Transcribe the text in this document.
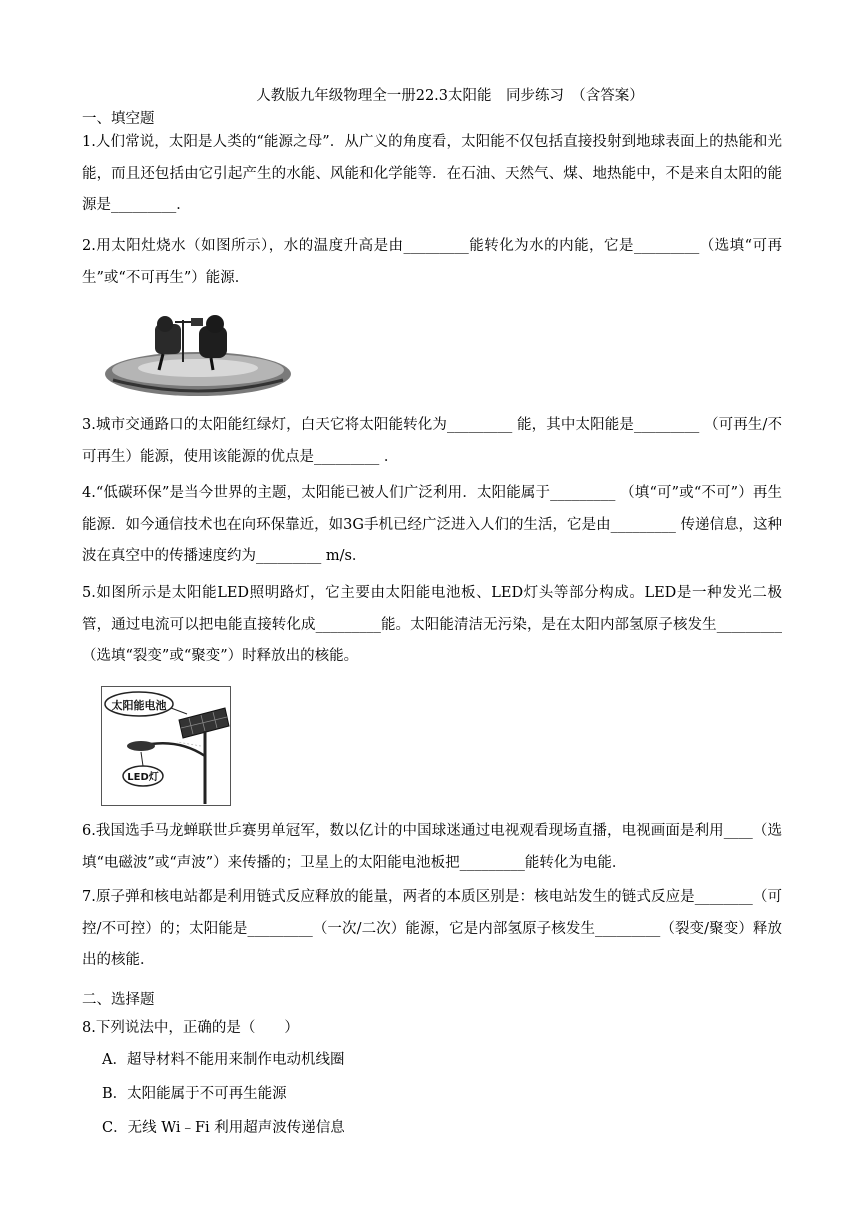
人教版九年级物理全一册22.3太阳能　同步练习　（含答案）
一、填空题
1.人们常说，太阳是人类的“能源之母”．从广义的角度看，太阳能不仅包括直接投射到地球表面上的热能和光能，而且还包括由它引起产生的水能、风能和化学能等．在石油、天然气、煤、地热能中，不是来自太阳的能源是_________．
2.用太阳灶烧水（如图所示），水的温度升高是由_________能转化为水的内能，它是_________（选填“可再生”或“不可再生”）能源．
3.城市交通路口的太阳能红绿灯，白天它将太阳能转化为_________ 能，其中太阳能是_________ （可再生/不可再生）能源，使用该能源的优点是_________ ．
4.“低碳环保”是当今世界的主题，太阳能已被人们广泛利用．太阳能属于_________ （填“可”或“不可”）再生能源．如今通信技术也在向环保靠近，如3G手机已经广泛进入人们的生活，它是由_________ 传递信息，这种波在真空中的传播速度约为_________ m/s．
5.如图所示是太阳能LED照明路灯，它主要由太阳能电池板、LED灯头等部分构成。LED是一种发光二极管，通过电流可以把电能直接转化成_________能。太阳能清洁无污染，是在太阳内部氢原子核发生_________（选填“裂变”或“聚变”）时释放出的核能。
太阳能电池
LED灯
6.我国选手马龙蝉联世乒赛男单冠军，数以亿计的中国球迷通过电视观看现场直播，电视画面是利用____（选填“电磁波”或“声波”）来传播的；卫星上的太阳能电池板把_________能转化为电能．
7.原子弹和核电站都是利用链式反应释放的能量，两者的本质区别是：核电站发生的链式反应是________（可控/不可控）的；太阳能是_________（一次/二次）能源，它是内部氢原子核发生_________（裂变/聚变）释放出的核能．
二、选择题
8.下列说法中，正确的是（　　）
A．超导材料不能用来制作电动机线圈
B．太阳能属于不可再生能源
C．无线 Wi﹣Fi 利用超声波传递信息
